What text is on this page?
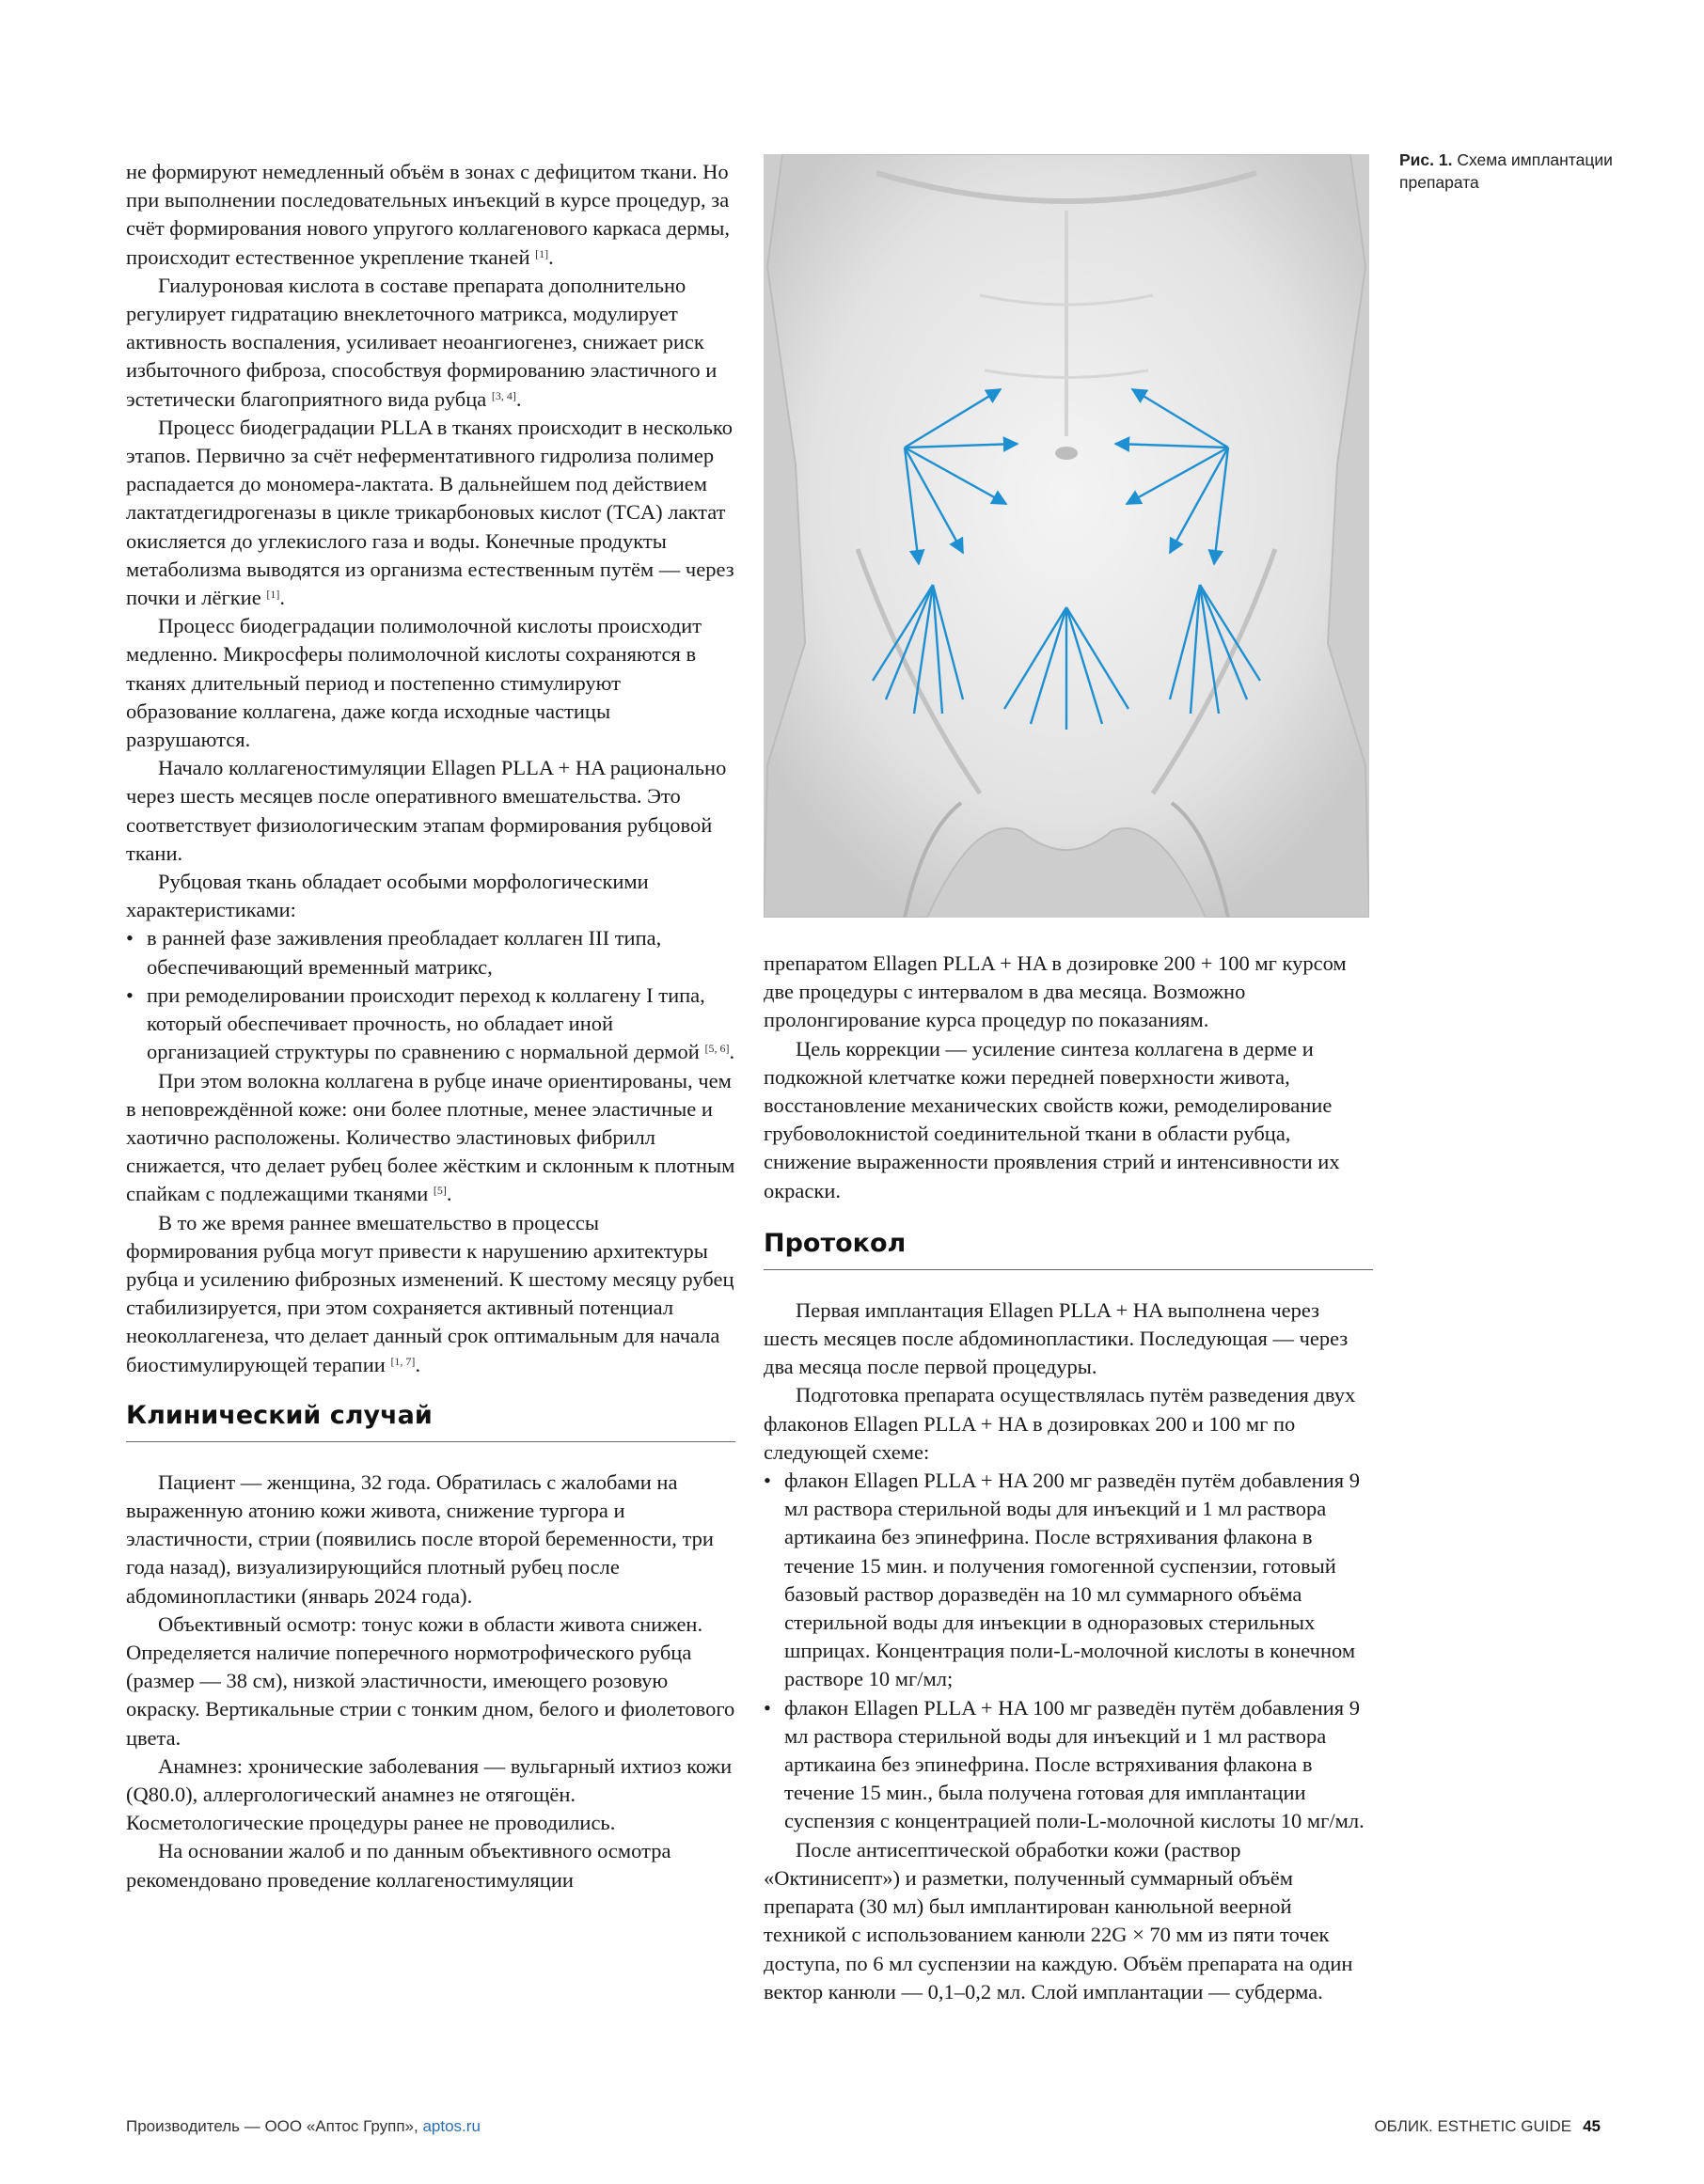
не формируют немедленный объём в зонах с дефицитом ткани. Но при выполнении последовательных инъекций в курсе процедур, за счёт формирования нового упругого коллагенового каркаса дермы, происходит естественное укрепление тканей [1].

Гиалуроновая кислота в составе препарата дополнительно регулирует гидратацию внеклеточного матрикса, модулирует активность воспаления, усиливает неоангиогенез, снижает риск избыточного фиброза, способствуя формированию эластичного и эстетически благоприятного вида рубца [3, 4].

Процесс биодеградации PLLA в тканях происходит в несколько этапов. Первично за счёт неферментативного гидролиза полимер распадается до мономера-лактата. В дальнейшем под действием лактатдегидрогеназы в цикле трикарбоновых кислот (TCA) лактат окисляется до углекислого газа и воды. Конечные продукты метаболизма выводятся из организма естественным путём — через почки и лёгкие [1].

Процесс биодеградации полимолочной кислоты происходит медленно. Микросферы полимолочной кислоты сохраняются в тканях длительный период и постепенно стимулируют образование коллагена, даже когда исходные частицы разрушаются.

Начало коллагеностимуляции Ellagen PLLA + HA рационально через шесть месяцев после оперативного вмешательства. Это соответствует физиологическим этапам формирования рубцовой ткани.

Рубцовая ткань обладает особыми морфологическими характеристиками:

• в ранней фазе заживления преобладает коллаген III типа, обеспечивающий временный матрикс,
• при ремоделировании происходит переход к коллагену I типа, который обеспечивает прочность, но обладает иной организацией структуры по сравнению с нормальной дермой [5, 6].

При этом волокна коллагена в рубце иначе ориентированы, чем в неповреждённой коже: они более плотные, менее эластичные и хаотично расположены. Количество эластиновых фибрилл снижается, что делает рубец более жёстким и склонным к плотным спайкам с подлежащими тканями [5].

В то же время раннее вмешательство в процессы формирования рубца могут привести к нарушению архитектуры рубца и усилению фиброзных изменений. К шестому месяцу рубец стабилизируется, при этом сохраняется активный потенциал неоколлагенеза, что делает данный срок оптимальным для начала биостимулирующей терапии [1, 7].

Клинический случай

Пациент — женщина, 32 года. Обратилась с жалобами на выраженную атонию кожи живота, снижение тургора и эластичности, стрии (появились после второй беременности, три года назад), визуализирующийся плотный рубец после абдоминопластики (январь 2024 года).

Объективный осмотр: тонус кожи в области живота снижен. Определяется наличие поперечного нормотрофического рубца (размер — 38 см), низкой эластичности, имеющего розовую окраску. Вертикальные стрии с тонким дном, белого и фиолетового цвета.

Анамнез: хронические заболевания — вульгарный ихтиоз кожи (Q80.0), аллергологический анамнез не отягощён. Косметологические процедуры ранее не проводились.

На основании жалоб и по данным объективного осмотра рекомендовано проведение коллагеностимуляции

Рис. 1. Схема имплантации препарата

препаратом Ellagen PLLA + HA в дозировке 200 + 100 мг курсом две процедуры с интервалом в два месяца. Возможно пролонгирование курса процедур по показаниям.

Цель коррекции — усиление синтеза коллагена в дерме и подкожной клетчатке кожи передней поверхности живота, восстановление механических свойств кожи, ремоделирование грубоволокнистой соединительной ткани в области рубца, снижение выраженности проявления стрий и интенсивности их окраски.

Протокол

Первая имплантация Ellagen PLLA + HA выполнена через шесть месяцев после абдоминопластики. Последующая — через два месяца после первой процедуры.

Подготовка препарата осуществлялась путём разведения двух флаконов Ellagen PLLA + HA в дозировках 200 и 100 мг по следующей схеме:

• флакон Ellagen PLLA + HA 200 мг разведён путём добавления 9 мл раствора стерильной воды для инъекций и 1 мл раствора артикаина без эпинефрина. После встряхивания флакона в течение 15 мин. и получения гомогенной суспензии, готовый базовый раствор доразведён на 10 мл суммарного объёма стерильной воды для инъекции в одноразовых стерильных шприцах. Концентрация поли-L-молочной кислоты в конечном растворе 10 мг/мл;
• флакон Ellagen PLLA + HA 100 мг разведён путём добавления 9 мл раствора стерильной воды для инъекций и 1 мл раствора артикаина без эпинефрина. После встряхивания флакона в течение 15 мин., была получена готовая для имплантации суспензия с концентрацией поли-L-молочной кислоты 10 мг/мл.

После антисептической обработки кожи (раствор «Октинисепт») и разметки, полученный суммарный объём препарата (30 мл) был имплантирован канюльной веерной техникой с использованием канюли 22G × 70 мм из пяти точек доступа, по 6 мл суспензии на каждую. Объём препарата на один вектор канюли — 0,1–0,2 мл. Слой имплантации — субдерма.

Производитель — ООО «Аптос Групп», aptos.ru	ОБЛИК. ESTHETIC GUIDE 45
